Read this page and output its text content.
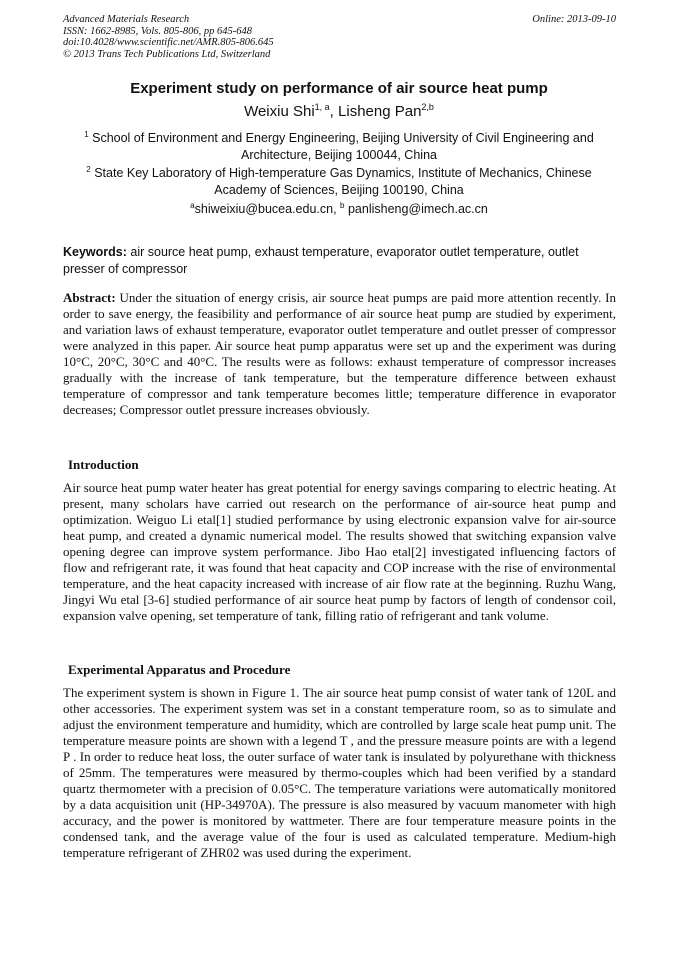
Advanced Materials Research
ISSN: 1662-8985, Vols. 805-806, pp 645-648
doi:10.4028/www.scientific.net/AMR.805-806.645
© 2013 Trans Tech Publications Ltd, Switzerland
Online: 2013-09-10
Experiment study on performance of air source heat pump
Weixiu Shi$^{1, a}$, Lisheng Pan$^{2,b}$
$^1$ School of Environment and Energy Engineering, Beijing University of Civil Engineering and Architecture, Beijing 100044, China
$^2$ State Key Laboratory of High-temperature Gas Dynamics, Institute of Mechanics, Chinese Academy of Sciences, Beijing 100190, China
$^a$shiweixiu@bucea.edu.cn, $^b$ panlisheng@imech.ac.cn
Keywords: air source heat pump, exhaust temperature, evaporator outlet temperature, outlet presser of compressor
Abstract: Under the situation of energy crisis, air source heat pumps are paid more attention recently. In order to save energy, the feasibility and performance of air source heat pump are studied by experiment, and variation laws of exhaust temperature, evaporator outlet temperature and outlet presser of compressor were analyzed in this paper. Air source heat pump apparatus were set up and the experiment was during 10°C, 20°C, 30°C and 40°C. The results were as follows: exhaust temperature of compressor increases gradually with the increase of tank temperature, but the temperature difference between exhaust temperature of compressor and tank temperature becomes little; temperature difference in evaporator decreases; Compressor outlet pressure increases obviously.
Introduction

Air source heat pump water heater has great potential for energy savings comparing to electric heating. At present, many scholars have carried out research on the performance of air-source heat pump and optimization. Weiguo Li etal[1] studied performance by using electronic expansion valve for air-source heat pump, and created a dynamic numerical model. The results showed that switching expansion valve opening degree can improve system performance. Jibo Hao etal[2] investigated influencing factors of flow and refrigerant rate, it was found that heat capacity and COP increase with the rise of environmental temperature, and the heat capacity increased with increase of air flow rate at the beginning. Ruzhu Wang, Jingyi Wu etal [3-6] studied performance of air source heat pump by factors of length of condensor coil, expansion valve opening, set temperature of tank, filling ratio of refrigerant and tank volume.

Experimental Apparatus and Procedure

The experiment system is shown in Figure 1. The air source heat pump consist of water tank of 120L and other accessories. The experiment system was set in a constant temperature room, so as to simulate and adjust the environment temperature and humidity, which are controlled by large scale heat pump unit. The temperature measure points are shown with a legend T , and the pressure measure points are with a legend P . In order to reduce heat loss, the outer surface of water tank is insulated by polyurethane with thickness of 25mm. The temperatures were measured by thermo-couples which had been verified by a standard quartz thermometer with a precision of 0.05°C. The temperature variations were automatically monitored by a data acquisition unit (HP-34970A). The pressure is also measured by vacuum manometer with high accuracy, and the power is monitored by wattmeter. There are four temperature measure points in the condensed tank, and the average value of the four is used as calculated temperature. Medium-high temperature refrigerant of ZHR02 was used during the experiment.
